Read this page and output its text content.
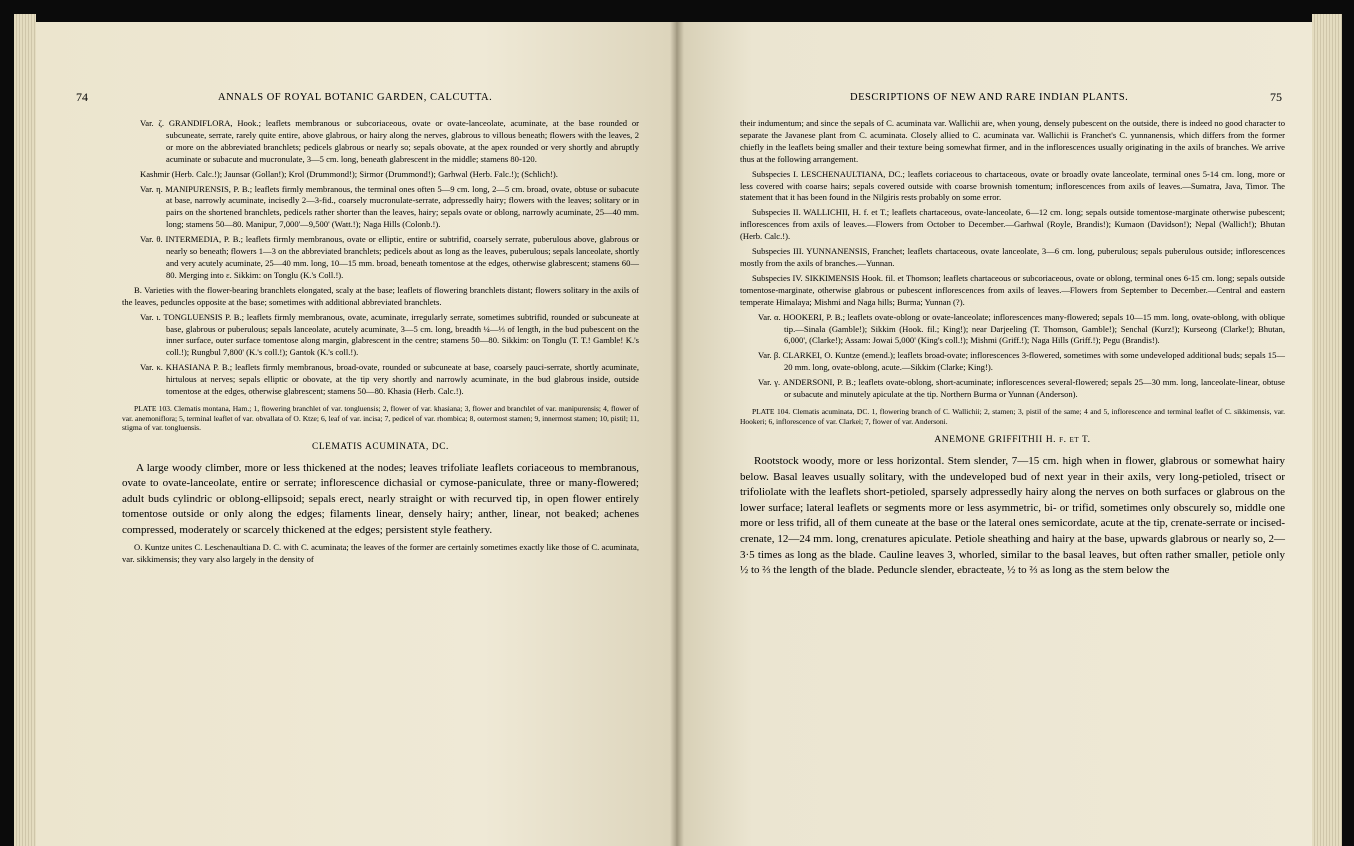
74	ANNALS OF ROYAL BOTANIC GARDEN, CALCUTTA.	DESCRIPTIONS OF NEW AND RARE INDIAN PLANTS.	75

Var. ζ. GRANDIFLORA, Hook.; leaflets membranous or subcoriaceous, ovate or ovate-lanceolate, acuminate, at the base rounded or subcuneate, serrate, rarely quite entire, above glabrous, or hairy along the nerves, glabrous to villous beneath; flowers with the leaves, 2 or more on the abbreviated branchlets; pedicels glabrous or nearly so; sepals obovate, at the apex rounded or very shortly and abruptly acuminate or subacute and mucronulate, 3—5 cm. long, beneath glabrescent in the middle; stamens 80-120.

Kashmir (Herb. Calc.!); Jaunsar (Gollan!); Krol (Drummond!); Sirmor (Drummond!); Garhwal (Herb. Falc.!); (Schlich!).

Var. η. MANIPURENSIS, P. B.; leaflets firmly membranous, the terminal ones often 5—9 cm. long, 2—5 cm. broad, ovate, obtuse or subacute at base, narrowly acuminate, incisedly 2—3-fid., coarsely mucronulate-serrate, adpressedly hairy; flowers with the leaves; solitary or in pairs on the shortened branchlets, pedicels rather shorter than the leaves, hairy; sepals ovate or oblong, narrowly acuminate, 25—40 mm. long; stamens 50—80. Manipur, 7,000'—9,500' (Watt.!); Naga Hills (Colonb.!).

Var. θ. INTERMEDIA, P. B.; leaflets firmly membranous, ovate or elliptic, entire or subtrifid, coarsely serrate, puberulous above, glabrous or nearly so beneath; flowers 1—3 on the abbreviated branchlets; pedicels about as long as the leaves, puberulous; sepals lanceolate, shortly and very acutely acuminate, 25—40 mm. long, 10—15 mm. broad, beneath tomentose at the edges, otherwise glabrescent; stamens 60—80. Merging into ε. Sikkim: on Tonglu (K.'s Coll.!).

B. Varieties with the flower-bearing branchlets elongated, scaly at the base; leaflets of flowering branchlets distant; flowers solitary in the axils of the leaves, peduncles opposite at the base; sometimes with additional abbreviated branchlets.

Var. ι. TONGLUENSIS P. B.; leaflets firmly membranous, ovate, acuminate, irregularly serrate, sometimes subtrifid, rounded or subcuneate at base, glabrous or puberulous; sepals lanceolate, acutely acuminate, 3—5 cm. long, breadth ¼—⅓ of length, in the bud pubescent on the inner surface, outer surface tomentose along margin, glabrescent in the centre; stamens 50—80. Sikkim: on Tonglu (T. T.! Gamble! K.'s coll.!); Rungbul 7,800' (K.'s coll.!); Gantok (K.'s coll.!).

Var. κ. KHASIANA P. B.; leaflets firmly membranous, broad-ovate, rounded or subcuneate at base, coarsely pauci-serrate, shortly acuminate, hirtulous at nerves; sepals elliptic or obovate, at the tip very shortly and narrowly acuminate, in the bud glabrous inside, outside tomentose at the edges, otherwise glabrescent; stamens 50—80. Khasia (Herb. Calc.!).

PLATE 103. Clematis montana, Ham.; 1, flowering branchlet of var. tongluensis; 2, flower of var. khasiana; 3, flower and branchlet of var. manipurensis; 4, flower of var. anemoniflora; 5, terminal leaflet of var. obvallata of O. Ktze; 6, leaf of var. incisa; 7, pedicel of var. rhombica; 8, outermost stamen; 9, innermost stamen; 10, pistil; 11, stigma of var. tongluensis.

CLEMATIS ACUMINATA, DC.

A large woody climber, more or less thickened at the nodes; leaves trifoliate leaflets coriaceous to membranous, ovate to ovate-lanceolate, entire or serrate; inflorescence dichasial or cymose-paniculate, three or many-flowered; adult buds cylindric or oblong-ellipsoid; sepals erect, nearly straight or with recurved tip, in open flower entirely tomentose outside or only along the edges; filaments linear, densely hairy; anther, linear, not beaked; achenes compressed, moderately or scarcely thickened at the edges; persistent style feathery.

O. Kuntze unites C. Leschenaultiana D. C. with C. acuminata; the leaves of the former are certainly sometimes exactly like those of C. acuminata, var. sikkimensis; they vary also largely in the density of

their indumentum; and since the sepals of C. acuminata var. Wallichii are, when young, densely pubescent on the outside, there is indeed no good character to separate the Javanese plant from C. acuminata. Closely allied to C. acuminata var. Wallichii is Franchet's C. yunnanensis, which differs from the former chiefly in the leaflets being smaller and their texture being somewhat firmer, and in the inflorescences usually originating in the axils of branches. We arrive thus at the following arrangement.

Subspecies I. LESCHENAULTIANA, DC.; leaflets coriaceous to chartaceous, ovate or broadly ovate lanceolate, terminal ones 5-14 cm. long, more or less covered with coarse hairs; sepals covered outside with coarse brownish tomentum; inflorescences from axils of leaves.—Sumatra, Java, Timor. The statement that it has been found in the Nilgiris rests probably on some error.

Subspecies II. WALLICHII, H. f. et T.; leaflets chartaceous, ovate-lanceolate, 6—12 cm. long; sepals outside tomentose-marginate otherwise pubescent; inflorescences from axils of leaves.—Flowers from October to December.—Garhwal (Royle, Brandis!); Kumaon (Davidson!); Nepal (Wallich!); Bhutan (Herb. Calc.!).

Subspecies III. YUNNANENSIS, Franchet; leaflets chartaceous, ovate lanceolate, 3—6 cm. long, puberulous; sepals puberulous outside; inflorescences mostly from the axils of branches.—Yunnan.

Subspecies IV. SIKKIMENSIS Hook. fil. et Thomson; leaflets chartaceous or subcoriaceous, ovate or oblong, terminal ones 6-15 cm. long; sepals outside tomentose-marginate, otherwise glabrous or pubescent inflorescences from axils of leaves.—Flowers from September to December.—Central and eastern temperate Himalaya; Mishmi and Naga hills; Burma; Yunnan (?).

Var. α. HOOKERI, P. B.; leaflets ovate-oblong or ovate-lanceolate; inflorescences many-flowered; sepals 10—15 mm. long, ovate-oblong, with oblique tip.—Sinala (Gamble!); Sikkim (Hook. fil.; King!); near Darjeeling (T. Thomson, Gamble!); Senchal (Kurz!); Kurseong (Clarke!); Bhutan, 6,000', (Clarke!); Assam: Jowai 5,000' (King's coll.!); Mishmi (Griff.!); Naga Hills (Griff.!); Pegu (Brandis!).

Var. β. CLARKEI, O. Kuntze (emend.); leaflets broad-ovate; inflorescences 3-flowered, sometimes with some undeveloped additional buds; sepals 15—20 mm. long, ovate-oblong, acute.—Sikkim (Clarke; King!).

Var. γ. ANDERSONI, P. B.; leaflets ovate-oblong, short-acuminate; inflorescences several-flowered; sepals 25—30 mm. long, lanceolate-linear, obtuse or subacute and minutely apiculate at the tip. Northern Burma or Yunnan (Anderson).

PLATE 104. Clematis acuminata, DC. 1, flowering branch of C. Wallichii; 2, stamen; 3, pistil of the same; 4 and 5, inflorescence and terminal leaflet of C. sikkimensis, var. Hookeri; 6, inflorescence of var. Clarkei; 7, flower of var. Andersoni.

ANEMONE GRIFFITHII H. f. et T.

Rootstock woody, more or less horizontal. Stem slender, 7—15 cm. high when in flower, glabrous or somewhat hairy below. Basal leaves usually solitary, with the undeveloped bud of next year in their axils, very long-petioled, trisect or trifoliolate with the leaflets short-petioled, sparsely adpressedly hairy along the nerves on both surfaces or glabrous on the lower surface; lateral leaflets or segments more or less asymmetric, bi- or trifid, sometimes only obscurely so, middle one more or less trifid, all of them cuneate at the base or the lateral ones semicordate, acute at the tip, crenate-serrate or incised-crenate, 12—24 mm. long, crenatures apiculate. Petiole sheathing and hairy at the base, upwards glabrous or nearly so, 2—3·5 times as long as the blade. Cauline leaves 3, whorled, similar to the basal leaves, but often rather smaller, petiole only ½ to ⅔ the length of the blade. Peduncle slender, ebracteate, ½ to ⅔ as long as the stem below the
